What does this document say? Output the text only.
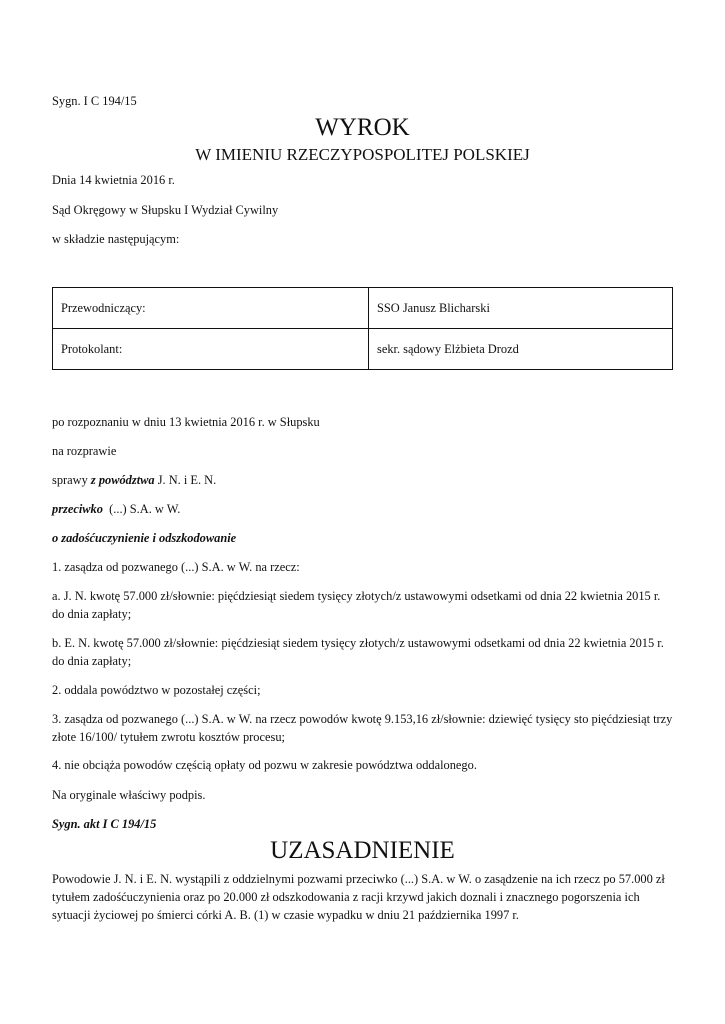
Sygn. I C 194/15

WYROK
W IMIENIU RZECZYPOSPOLITEJ POLSKIEJ

Dnia 14 kwietnia 2016 r.

Sąd Okręgowy w Słupsku I Wydział Cywilny

w składzie następującym:

Przewodniczący:	SSO Janusz Blicharski
Protokolant:	sekr. sądowy Elżbieta Drozd

po rozpoznaniu w dniu 13 kwietnia 2016 r. w Słupsku

na rozprawie

sprawy z powództwa J. N. i E. N.

przeciwko (...) S.A. w W.

o zadośćuczynienie i odszkodowanie

1. zasądza od pozwanego (...) S.A. w W. na rzecz:

a. J. N. kwotę 57.000 zł/słownie: pięćdziesiąt siedem tysięcy złotych/z ustawowymi odsetkami od dnia 22 kwietnia 2015 r. do dnia zapłaty;

b. E. N. kwotę 57.000 zł/słownie: pięćdziesiąt siedem tysięcy złotych/z ustawowymi odsetkami od dnia 22 kwietnia 2015 r. do dnia zapłaty;

2. oddala powództwo w pozostałej części;

3. zasądza od pozwanego (...) S.A. w W. na rzecz powodów kwotę 9.153,16 zł/słownie: dziewięć tysięcy sto pięćdziesiąt trzy złote 16/100/ tytułem zwrotu kosztów procesu;

4. nie obciąża powodów częścią opłaty od pozwu w zakresie powództwa oddalonego.

Na oryginale właściwy podpis.

Sygn. akt I C 194/15

UZASADNIENIE

Powodowie J. N. i E. N. wystąpili z oddzielnymi pozwami przeciwko (...) S.A. w W. o zasądzenie na ich rzecz po 57.000 zł tytułem zadośćuczynienia oraz po 20.000 zł odszkodowania z racji krzywd jakich doznali i znacznego pogorszenia ich sytuacji życiowej po śmierci córki A. B. (1) w czasie wypadku w dniu 21 października 1997 r.
